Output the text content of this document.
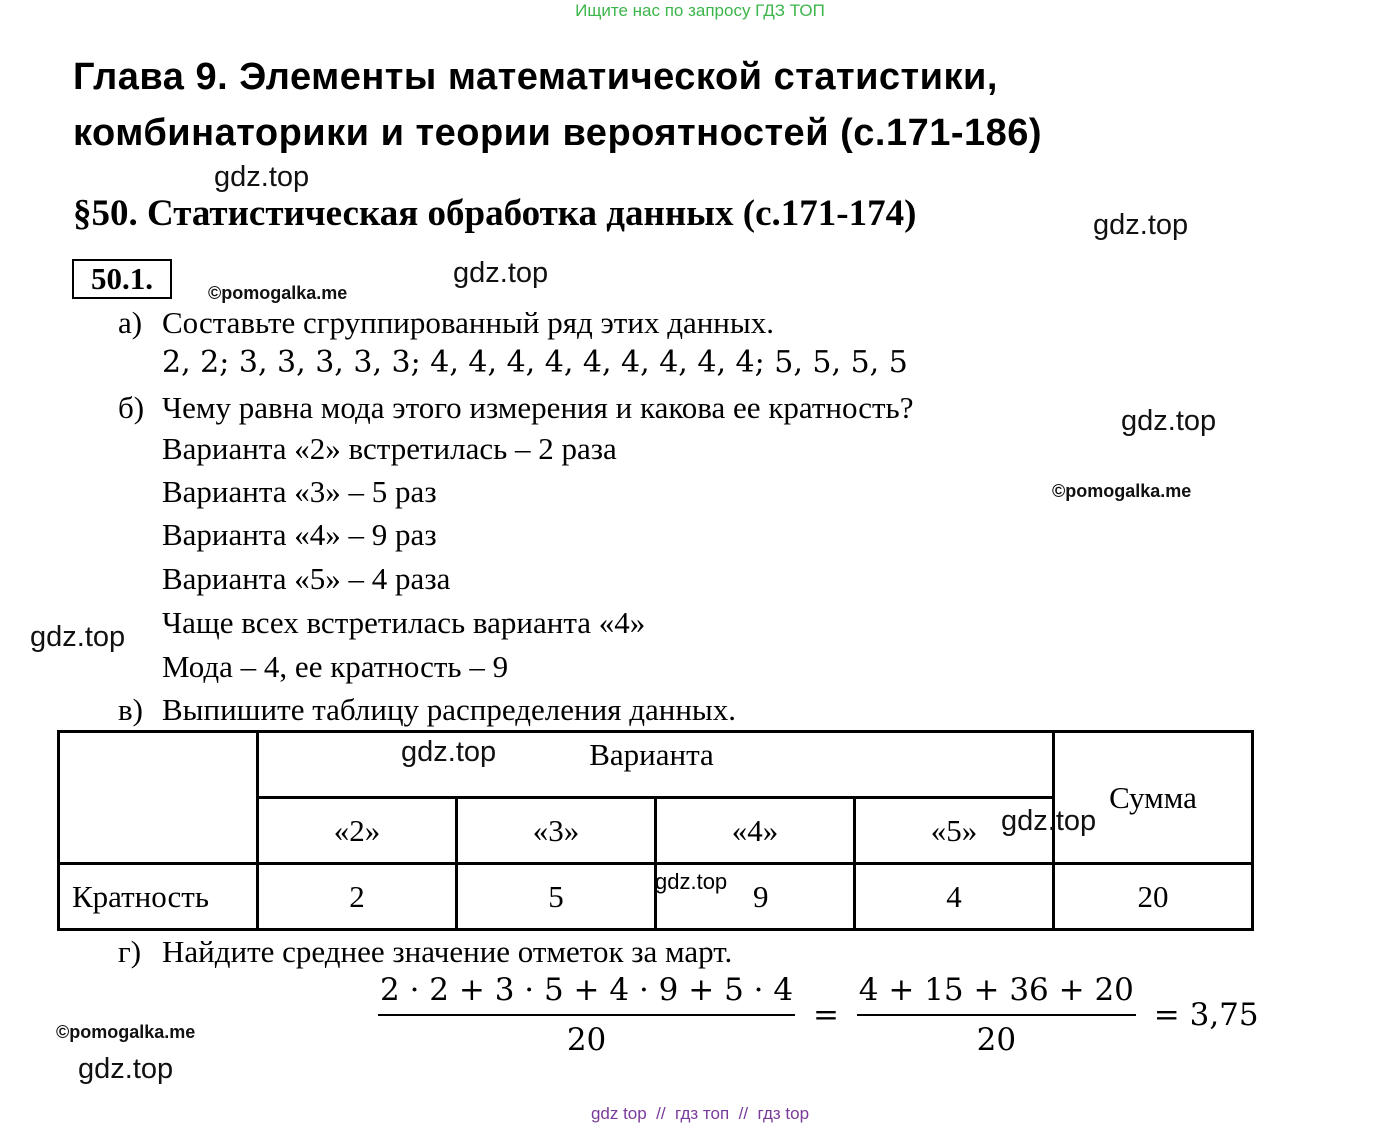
Ищите нас по запросу ГДЗ ТОП
Глава 9. Элементы математической статистики,
комбинаторики и теории вероятностей (с.171-186)
gdz.top
§50. Статистическая обработка данных (с.171-174)	gdz.top
50.1.	©pomogalka.me
gdz.top
а) Составьте сгруппированный ряд этих данных.
2, 2; 3, 3, 3, 3, 3; 4, 4, 4, 4, 4, 4, 4, 4, 4; 5, 5, 5, 5
б) Чему равна мода этого измерения и какова ее кратность?	gdz.top
Варианта «2» встретилась – 2 раза
Варианта «3» – 5 раз	©pomogalka.me
Варианта «4» – 9 раз
Варианта «5» – 4 раза
Чаще всех встретилась варианта «4»
gdz.top
Мода – 4, ее кратность – 9
в) Выпишите таблицу распределения данных.
	Варианта				Сумма
	«2»	«3»	«4»	«5»	
Кратность	2	5	9	4	20
gdz.top
gdz.top
gdz.top
г) Найдите среднее значение отметок за март.
$\frac{2 \cdot 2 + 3 \cdot 5 + 4 \cdot 9 + 5 \cdot 4}{20} = \frac{4 + 15 + 36 + 20}{20} = 3,75$
©pomogalka.me
gdz.top
gdz top  //  гдз топ  //  гдз top
